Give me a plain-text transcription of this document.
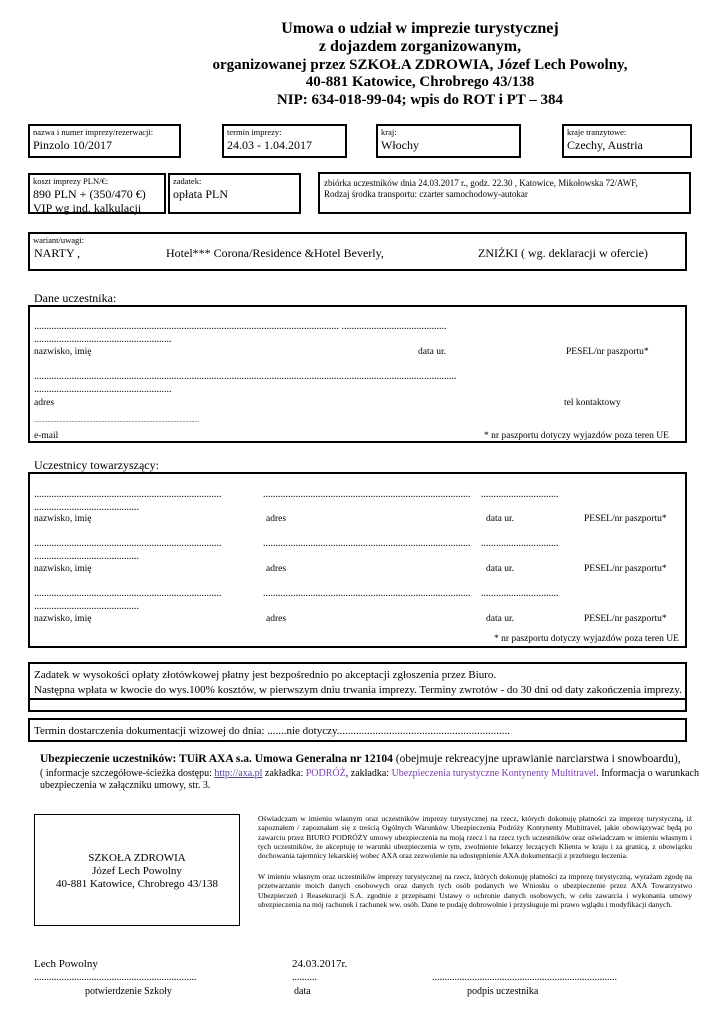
Umowa o udział w imprezie turystycznej
z dojazdem zorganizowanym,
organizowanej przez SZKOŁA ZDROWIA, Józef Lech Powolny,
40-881 Katowice, Chrobrego 43/138
NIP: 634-018-99-04; wpis do ROT i PT – 384
nazwa i numer imprezy/rezerwacji:
Pinzolo 10/2017
termin imprezy:
24.03 - 1.04.2017
kraj:
Włochy
kraje tranzytowe:
Czechy, Austria
koszt imprezy PLN/€:
890 PLN + (350/470 €)
VIP wg ind. kalkulacji
zadatek:
opłata PLN
zbiórka uczestników dnia 24.03.2017 r., godz. 22.30 , Katowice, Mikołowska 72/AWF,
Rodzaj środka transportu: czarter samochodowy-autokar
wariant/uwagi:
NARTY ,	Hotel*** Corona/Residence &Hotel Beverly,	ZNIŻKI ( wg. deklaracji w ofercie)
Dane uczestnika:
.......................................................................................................................... ..........................................
.......................................................
nazwisko, imię	data ur.	PESEL/nr paszportu*
.........................................................................................................................................................................
.......................................................
adres	tel kontaktowy
..............................................................................................................
e-mail	* nr paszportu dotyczy wyjazdów poza teren UE
Uczestnicy towarzyszący:
...........................................................................	................................................................................... ...............................
..........................................
nazwisko, imię	adres	data ur.	PESEL/nr paszportu*
...........................................................................	................................................................................... ...............................
..........................................
nazwisko, imię	adres	data ur.	PESEL/nr paszportu*
...........................................................................	................................................................................... ...............................
..........................................
nazwisko, imię	adres	data ur.	PESEL/nr paszportu*
* nr paszportu dotyczy wyjazdów poza teren UE
Zadatek w wysokości opłaty złotówkowej płatny jest bezpośrednio po akceptacji zgłoszenia przez Biuro.
Następna wpłata w kwocie do wys.100% kosztów, w pierwszym dniu trwania imprezy. Terminy zwrotów - do 30 dni od daty zakończenia imprezy.
Termin dostarczenia dokumentacji wizowej do dnia: .......nie dotyczy...............................................................
Ubezpieczenie uczestników: TUiR AXA s.a. Umowa Generalna nr 12104 (obejmuje rekreacyjne uprawianie narciarstwa i snowboardu),
( informacje szczegółowe-ścieżka dostępu: http://axa.pl zakładka: PODRÓŻ, zakładka: Ubezpieczenia turystyczne Kontynenty Multitravel. Informacja o warunkach
ubezpieczenia w załączniku umowy, str. 3.
SZKOŁA ZDROWIA
Józef Lech Powolny
40-881 Katowice, Chrobrego 43/138
Oświadczam w imieniu własnym oraz uczestników imprezy turystycznej na rzecz, których dokonuję płatności za imprezę turystyczną, iż zapoznałem / zapoznałam się z treścią Ogólnych Warunków Ubezpieczenia Podróży Kontynenty Multitravel, jakie obowiązywać będą po zawarciu przez BIURO PODRÓŻY umowy ubezpieczenia na moją rzecz i na rzecz tych uczestników oraz oświadczam w imieniu własnym i tych uczestników, że akceptuję te warunki ubezpieczenia w tym, zwolnienie lekarzy leczących Klienta w kraju i za granicą, z obowiązku dochowania tajemnicy lekarskiej wobec AXA oraz zezwolenie na udostępnienie AXA dokumentacji z przebiegu leczenia.
W imieniu własnym oraz uczestników imprezy turystycznej na rzecz, których dokonuję płatności za imprezę turystyczną, wyrażam zgodę na przetwarzanie moich danych osobowych oraz danych tych osób podanych we Wniosku o ubezpieczenie przez AXA Towarzystwo Ubezpieczeń i Reasekuracji S.A. zgodnie z przepisami Ustawy o ochronie danych osobowych, w celu zawarcia i wykonania umowy ubezpieczenia na mój rachunek i rachunek ww. osób. Dane te podaję dobrowolnie i przysługuje mi prawo wglądu i modyfikacji danych.
Lech Powolny	24.03.2017r.
.................................................................	..........	..........................................................................
potwierdzenie Szkoły	data	podpis uczestnika
